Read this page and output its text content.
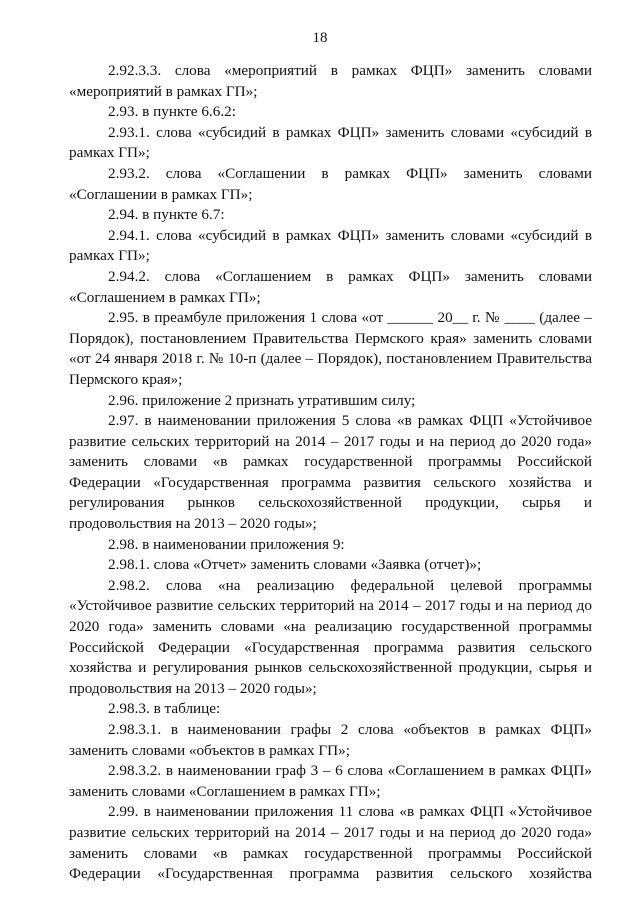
18

2.92.3.3. слова «мероприятий в рамках ФЦП» заменить словами «мероприятий в рамках ГП»;

2.93. в пункте 6.6.2:

2.93.1. слова «субсидий в рамках ФЦП» заменить словами «субсидий в рамках ГП»;

2.93.2. слова «Соглашении в рамках ФЦП» заменить словами «Соглашении в рамках ГП»;

2.94. в пункте 6.7:

2.94.1. слова «субсидий в рамках ФЦП» заменить словами «субсидий в рамках ГП»;

2.94.2. слова «Соглашением в рамках ФЦП» заменить словами «Соглашением в рамках ГП»;

2.95. в преамбуле приложения 1 слова «от ______ 20__ г. № ____ (далее – Порядок), постановлением Правительства Пермского края» заменить словами «от 24 января 2018 г. № 10-п (далее – Порядок), постановлением Правительства Пермского края»;

2.96. приложение 2 признать утратившим силу;

2.97. в наименовании приложения 5 слова «в рамках ФЦП «Устойчивое развитие сельских территорий на 2014 – 2017 годы и на период до 2020 года» заменить словами «в рамках государственной программы Российской Федерации «Государственная программа развития сельского хозяйства и регулирования рынков сельскохозяйственной продукции, сырья и продовольствия на 2013 – 2020 годы»;

2.98. в наименовании приложения 9:

2.98.1. слова «Отчет» заменить словами «Заявка (отчет)»;

2.98.2. слова «на реализацию федеральной целевой программы «Устойчивое развитие сельских территорий на 2014 – 2017 годы и на период до 2020 года» заменить словами «на реализацию государственной программы Российской Федерации «Государственная программа развития сельского хозяйства и регулирования рынков сельскохозяйственной продукции, сырья и продовольствия на 2013 – 2020 годы»;

2.98.3. в таблице:

2.98.3.1. в наименовании графы 2 слова «объектов в рамках ФЦП» заменить словами «объектов в рамках ГП»;

2.98.3.2. в наименовании граф 3 – 6 слова «Соглашением в рамках ФЦП» заменить словами «Соглашением в рамках ГП»;

2.99. в наименовании приложения 11 слова «в рамках ФЦП «Устойчивое развитие сельских территорий на 2014 – 2017 годы и на период до 2020 года» заменить словами «в рамках государственной программы Российской Федерации «Государственная программа развития сельского хозяйства
